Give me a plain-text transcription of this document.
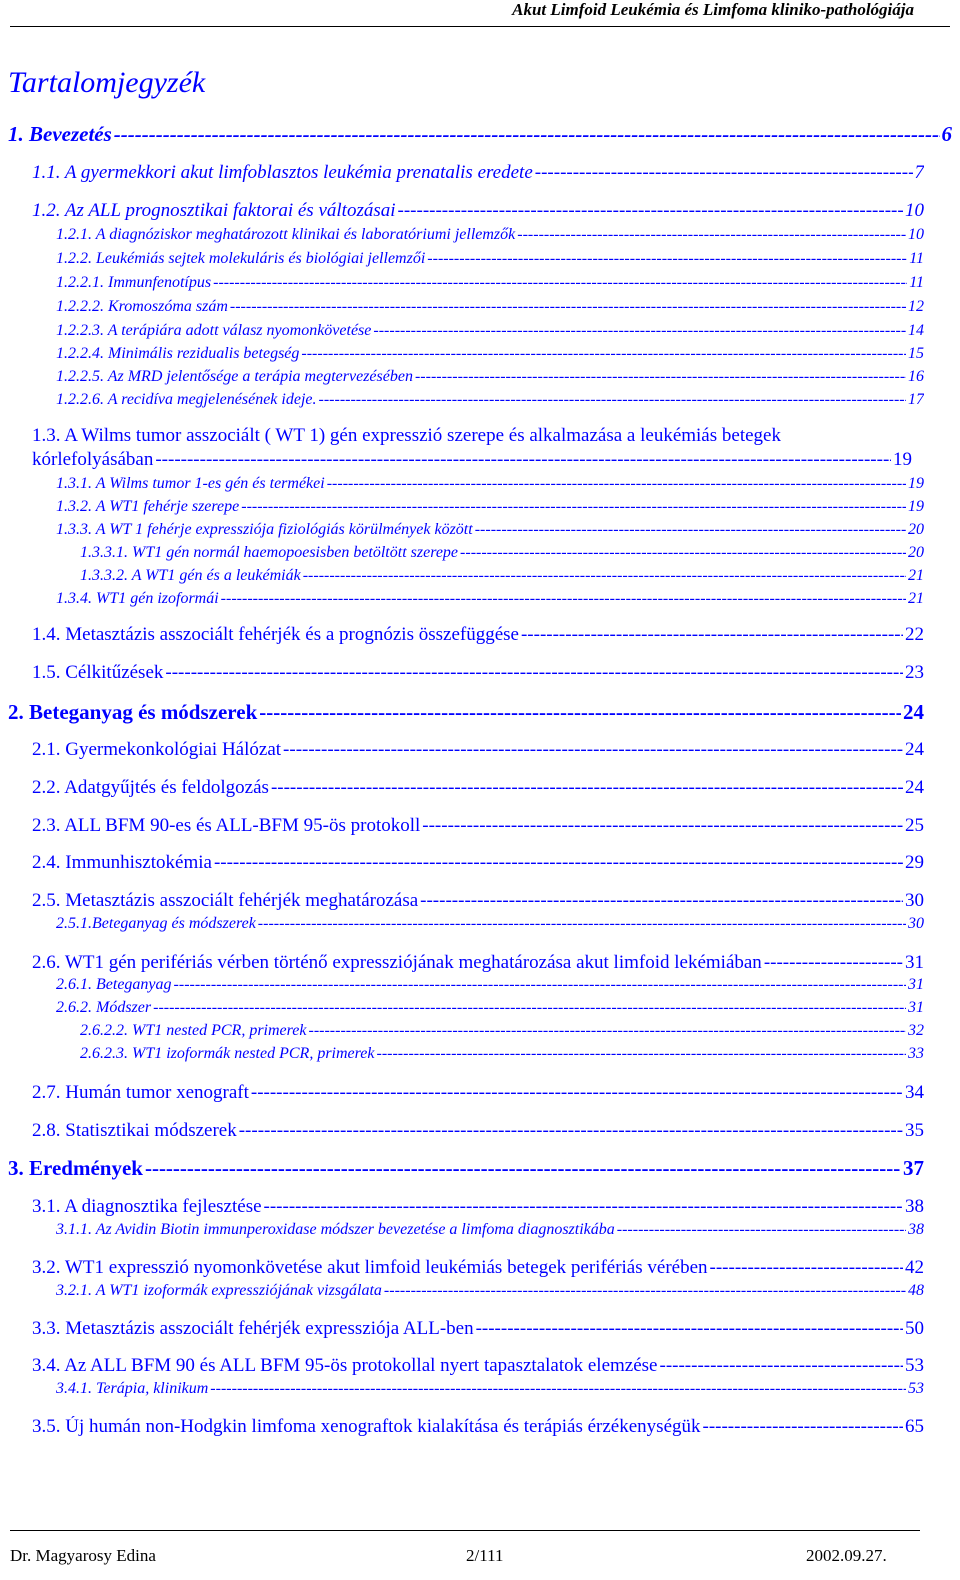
Akut Limfoid Leukémia és Limfoma kliniko-pathológiája
Tartalomjegyzék
1. Bevezetés -----	6
1.1. A gyermekkori akut limfoblasztos leukémia prenatalis eredete -----	7
1.2. Az ALL prognosztikai faktorai és változásai -----	10
1.2.1. A diagnóziskor meghatározott klinikai és laboratóriumi jellemzők -----	10
1.2.2. Leukémiás sejtek molekuláris és biológiai jellemzői -----	11
1.2.2.1. Immunfenotípus -----	11
1.2.2.2. Kromoszóma szám -----	12
1.2.2.3. A terápiára adott válasz nyomonkövetése -----	14
1.2.2.4. Minimális rezidualis betegség -----	15
1.2.2.5. Az MRD jelentősége a terápia megtervezésében -----	16
1.2.2.6. A recidíva megjelenésének ideje. -----	17
1.3. A Wilms tumor asszociált ( WT 1) gén expresszió szerepe és alkalmazása a leukémiás betegek
kórlefolyásában -----	19
1.3.1. A Wilms tumor 1-es gén és termékei -----	19
1.3.2. A WT1 fehérje szerepe -----	19
1.3.3. A WT 1 fehérje expressziója fiziológiás körülmények között -----	20
1.3.3.1. WT1 gén normál haemopoesisben betöltött szerepe -----	20
1.3.3.2. A WT1 gén és a leukémiák -----	21
1.3.4. WT1 gén izoformái -----	21
1.4. Metasztázis asszociált fehérjék és a prognózis összefüggése -----	22
1.5. Célkitűzések -----	23
2. Beteganyag és módszerek -----	24
2.1. Gyermekonkológiai Hálózat -----	24
2.2. Adatgyűjtés és feldolgozás -----	24
2.3. ALL BFM 90-es és ALL-BFM 95-ös protokoll -----	25
2.4. Immunhisztokémia -----	29
2.5. Metasztázis asszociált fehérjék meghatározása -----	30
2.5.1.Beteganyag és módszerek -----	30
2.6. WT1 gén perifériás vérben történő expressziójának meghatározása akut limfoid lekémiában -----	31
2.6.1. Beteganyag -----	31
2.6.2. Módszer -----	31
2.6.2.2. WT1 nested PCR, primerek -----	32
2.6.2.3. WT1 izoformák nested PCR, primerek -----	33
2.7. Humán tumor xenograft -----	34
2.8. Statisztikai módszerek -----	35
3. Eredmények -----	37
3.1. A diagnosztika fejlesztése -----	38
3.1.1. Az Avidin Biotin immunperoxidase módszer bevezetése a limfoma diagnosztikába -----	38
3.2. WT1 expresszió nyomonkövetése akut limfoid leukémiás betegek perifériás vérében -----	42
3.2.1. A WT1 izoformák expressziójának vizsgálata -----	48
3.3. Metasztázis asszociált fehérjék expressziója ALL-ben -----	50
3.4. Az ALL BFM 90 és ALL BFM 95-ös protokollal nyert tapasztalatok elemzése -----	53
3.4.1. Terápia, klinikum -----	53
3.5. Új humán non-Hodgkin limfoma xenograftok kialakítása és terápiás érzékenységük -----	65
Dr. Magyarosy Edina	2/111	2002.09.27.
